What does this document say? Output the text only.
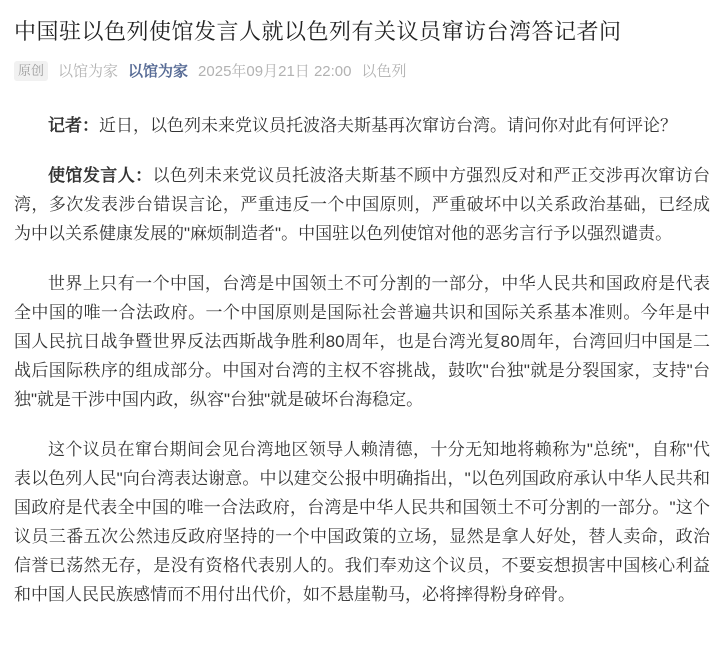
中国驻以色列使馆发言人就以色列有关议员窜访台湾答记者问
原创 以馆为家 以馆为家 2025年09月21日 22:00 以色列

记者：近日，以色列未来党议员托波洛夫斯基再次窜访台湾。请问你对此有何评论？

使馆发言人：以色列未来党议员托波洛夫斯基不顾中方强烈反对和严正交涉再次窜访台湾，多次发表涉台错误言论，严重违反一个中国原则，严重破坏中以关系政治基础，已经成为中以关系健康发展的"麻烦制造者"。中国驻以色列使馆对他的恶劣言行予以强烈谴责。

世界上只有一个中国，台湾是中国领土不可分割的一部分，中华人民共和国政府是代表全中国的唯一合法政府。一个中国原则是国际社会普遍共识和国际关系基本准则。今年是中国人民抗日战争暨世界反法西斯战争胜利80周年，也是台湾光复80周年，台湾回归中国是二战后国际秩序的组成部分。中国对台湾的主权不容挑战，鼓吹"台独"就是分裂国家，支持"台独"就是干涉中国内政，纵容"台独"就是破坏台海稳定。

这个议员在窜台期间会见台湾地区领导人赖清德，十分无知地将赖称为"总统"，自称"代表以色列人民"向台湾表达谢意。中以建交公报中明确指出，"以色列国政府承认中华人民共和国政府是代表全中国的唯一合法政府，台湾是中华人民共和国领土不可分割的一部分。"这个议员三番五次公然违反政府坚持的一个中国政策的立场，显然是拿人好处，替人卖命，政治信誉已荡然无存，是没有资格代表别人的。我们奉劝这个议员，不要妄想损害中国核心利益和中国人民民族感情而不用付出代价，如不悬崖勒马，必将摔得粉身碎骨。
